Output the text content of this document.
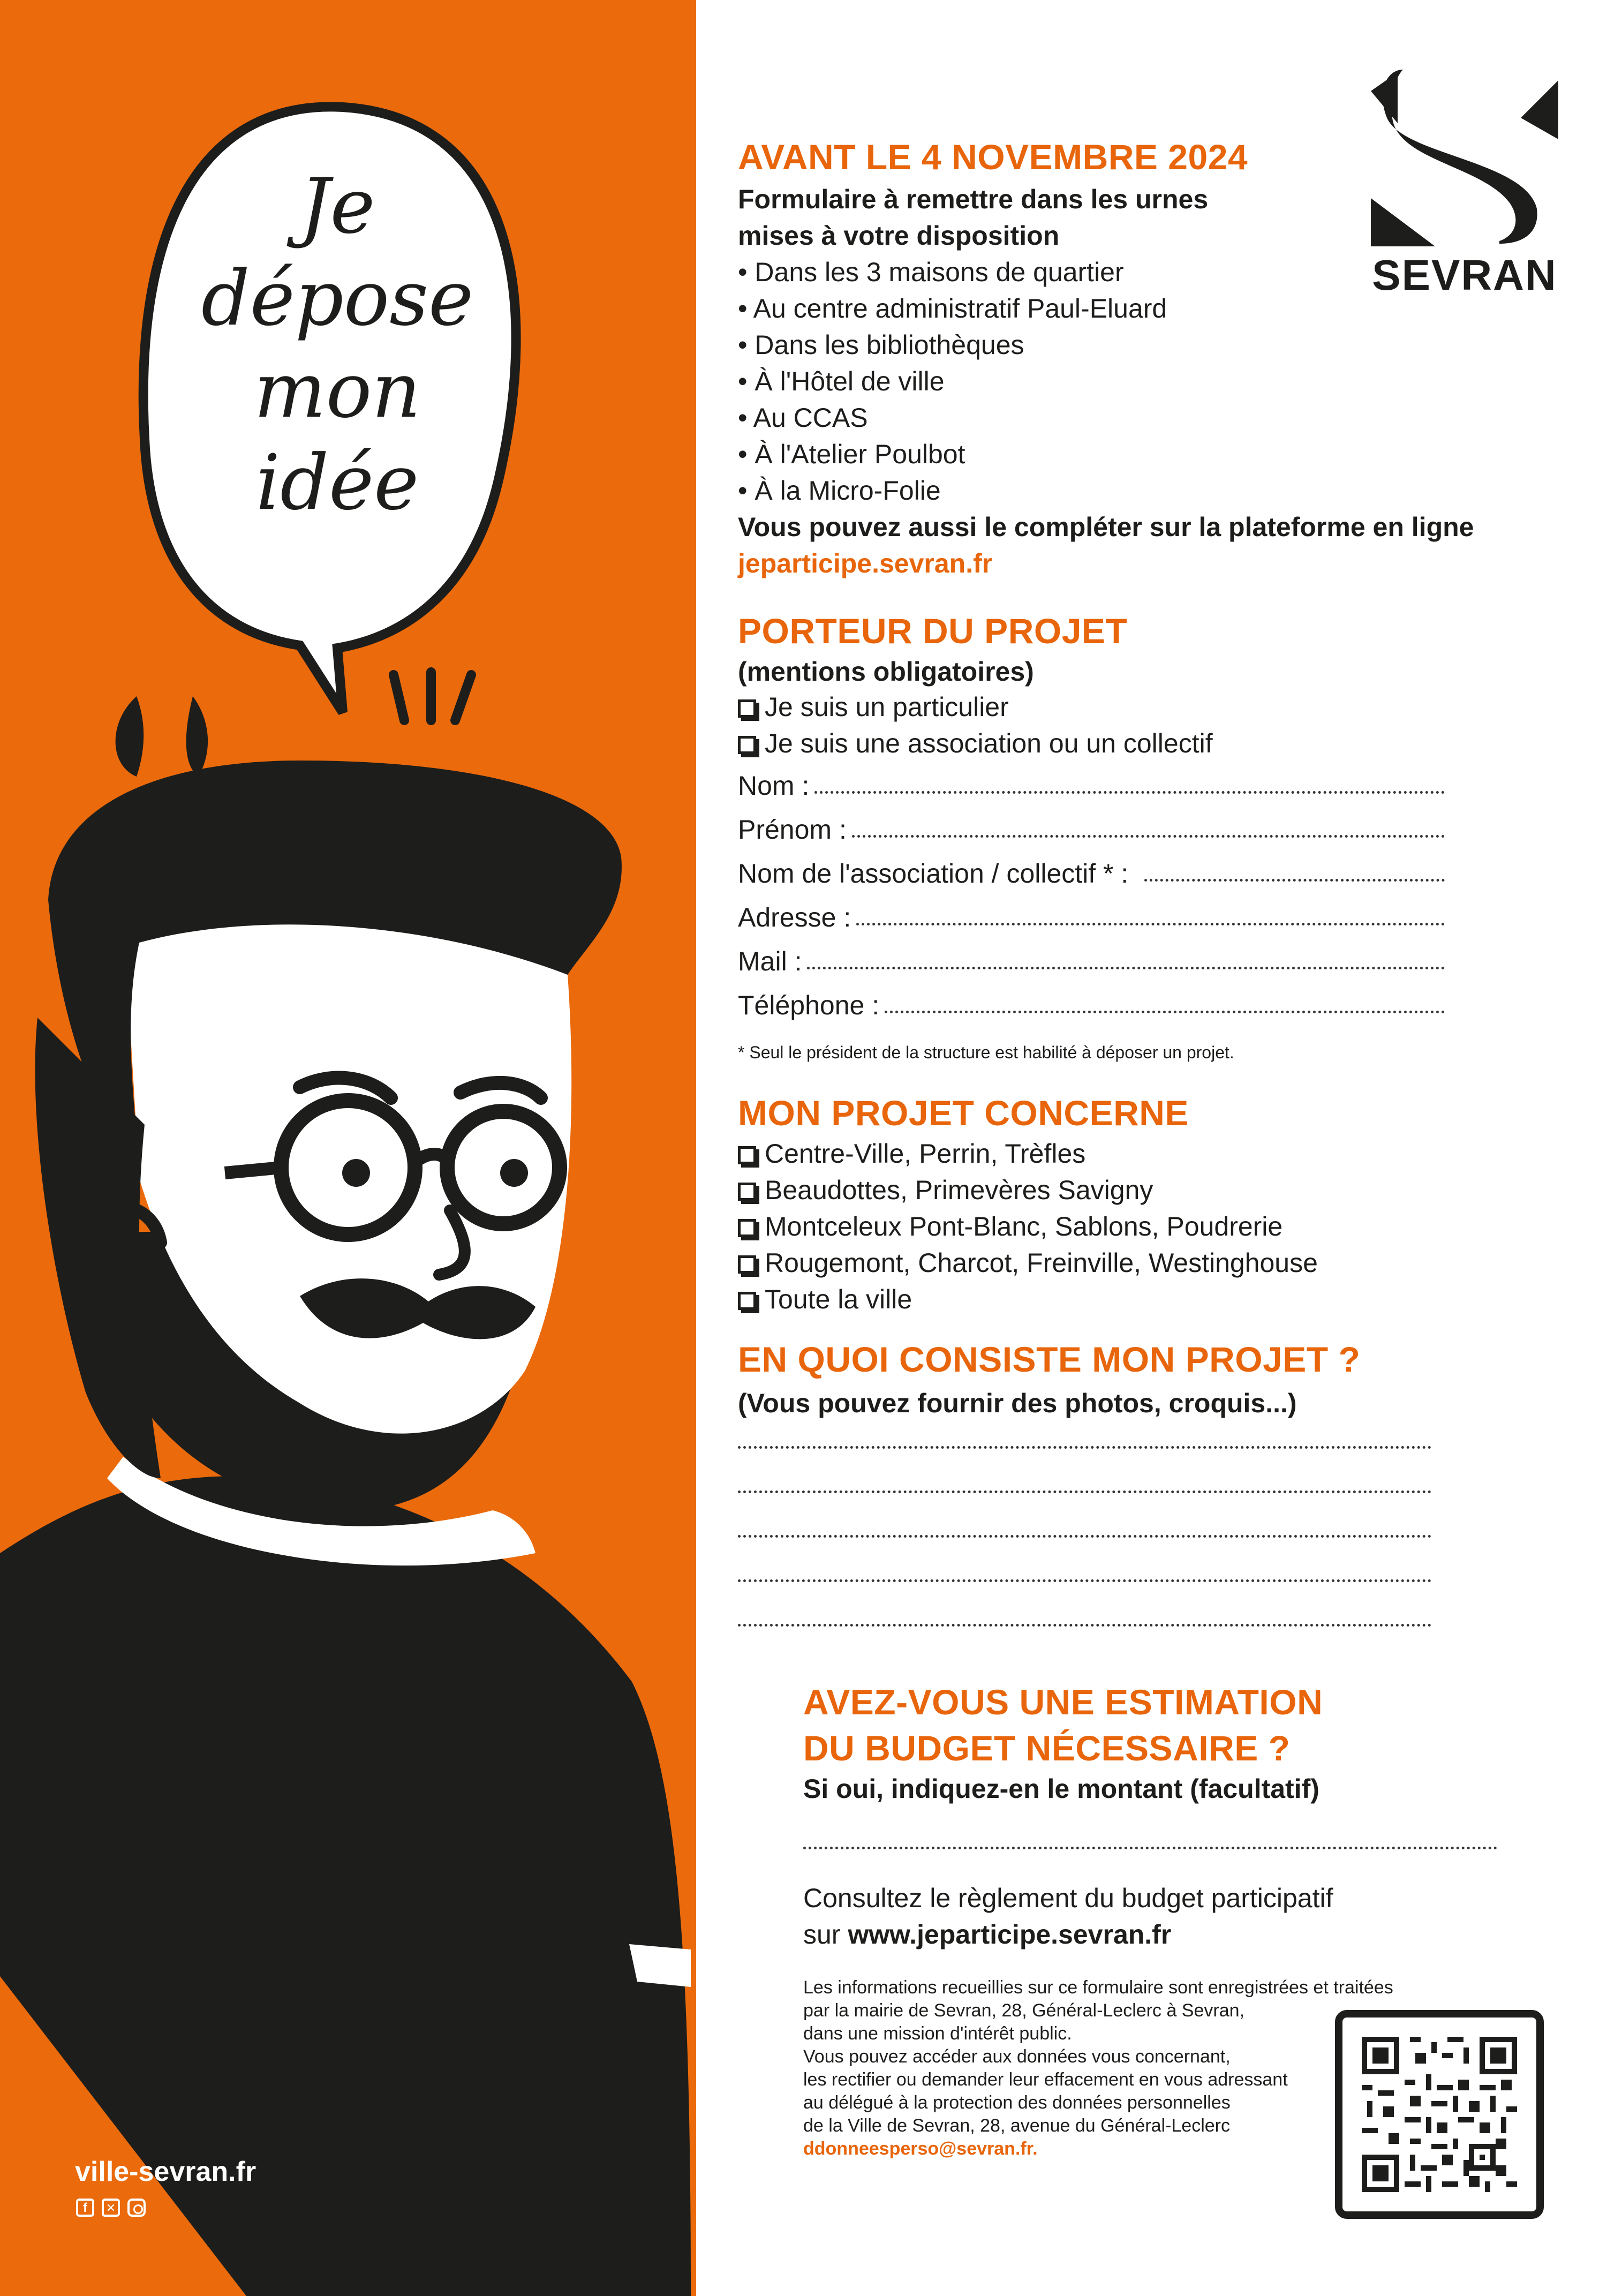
Je
dépose
mon
idée
ville-sevran.fr
f	✕
SEVRAN
AVANT LE 4 NOVEMBRE 2024
Formulaire à remettre dans les urnes
mises à votre disposition
• Dans les 3 maisons de quartier
• Au centre administratif Paul-Eluard
• Dans les bibliothèques
• À l'Hôtel de ville
• Au CCAS
• À l'Atelier Poulbot
• À la Micro-Folie
Vous pouvez aussi le compléter sur la plateforme en ligne
jeparticipe.sevran.fr
PORTEUR DU PROJET
(mentions obligatoires)
Je suis un particulier
Je suis une association ou un collectif
Nom :
Prénom :
Nom de l'association / collectif * :
Adresse :
Mail :
Téléphone :
* Seul le président de la structure est habilité à déposer un projet.
MON PROJET CONCERNE
Centre-Ville, Perrin, Trèfles
Beaudottes, Primevères Savigny
Montceleux Pont-Blanc, Sablons, Poudrerie
Rougemont, Charcot, Freinville, Westinghouse
Toute la ville
EN QUOI CONSISTE MON PROJET ?
(Vous pouvez fournir des photos, croquis...)
AVEZ-VOUS UNE ESTIMATION
DU BUDGET NÉCESSAIRE ?
Si oui, indiquez-en le montant (facultatif)
Consultez le règlement du budget participatif
sur www.jeparticipe.sevran.fr
Les informations recueillies sur ce formulaire sont enregistrées et traitées
par la mairie de Sevran, 28, Général-Leclerc à Sevran,
dans une mission d'intérêt public.
Vous pouvez accéder aux données vous concernant,
les rectifier ou demander leur effacement en vous adressant
au délégué à la protection des données personnelles
de la Ville de Sevran, 28, avenue du Général-Leclerc
ddonneesperso@sevran.fr.
